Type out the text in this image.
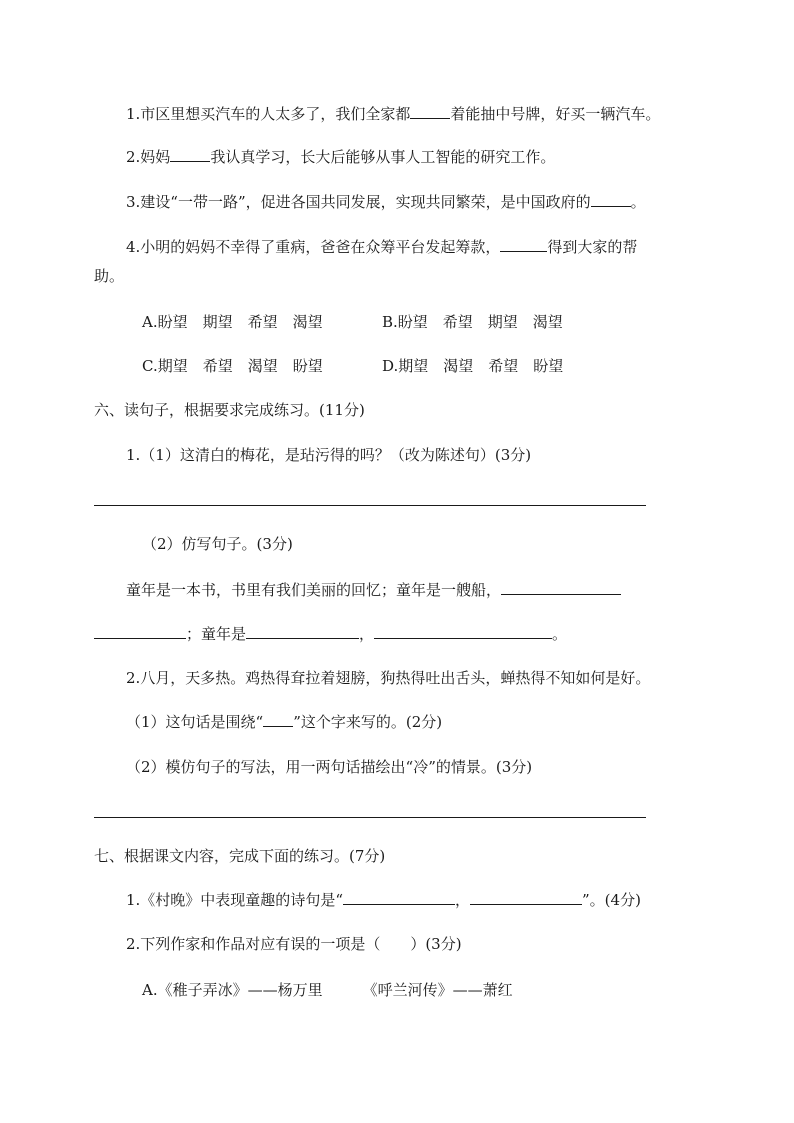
1.市区里想买汽车的人太多了，我们全家都	着能抽中号牌，好买一辆汽车。
2.妈妈	我认真学习，长大后能够从事人工智能的研究工作。
3.建设“一带一路”，促进各国共同发展，实现共同繁荣，是中国政府的	。
4.小明的妈妈不幸得了重病，爸爸在众筹平台发起筹款，	得到大家的帮
助。
A.盼望　期望　希望　渴望	B.盼望　希望　期望　渴望
C.期望　希望　渴望　盼望	D.期望　渴望　希望　盼望
六、读句子，根据要求完成练习。(11分)
1.（1）这清白的梅花，是玷污得的吗？（改为陈述句）(3分)
（2）仿写句子。(3分)
童年是一本书，书里有我们美丽的回忆；童年是一艘船，
；童年是	，	。
2.八月，天多热。鸡热得耷拉着翅膀，狗热得吐出舌头，蝉热得不知如何是好。
（1）这句话是围绕“ ”这个字来写的。(2分)
（2）模仿句子的写法，用一两句话描绘出“冷”的情景。(3分)
七、根据课文内容，完成下面的练习。(7分)
1.《村晚》中表现童趣的诗句是“	，	”。(4分)
2.下列作家和作品对应有误的一项是（　　）(3分)
A.《稚子弄冰》——杨万里	《呼兰河传》——萧红
